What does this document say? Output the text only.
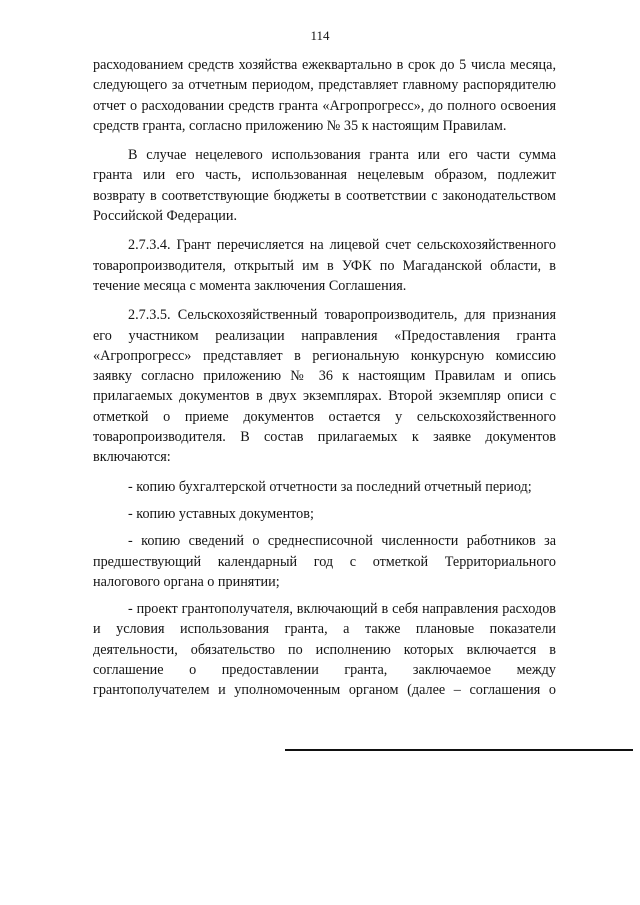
114

расходованием средств хозяйства ежеквартально в срок до 5 числа месяца, следующего за отчетным периодом, представляет главному распорядителю отчет о расходовании средств гранта «Агропрогресс», до полного освоения средств гранта, согласно приложению № 35 к настоящим Правилам.

В случае нецелевого использования гранта или его части сумма гранта или его часть, использованная нецелевым образом, подлежит возврату в соответствующие бюджеты в соответствии с законодательством Российской Федерации.

2.7.3.4. Грант перечисляется на лицевой счет сельскохозяйственного товаропроизводителя, открытый им в УФК по Магаданской области, в течение месяца с момента заключения Соглашения.

2.7.3.5. Сельскохозяйственный товаропроизводитель, для признания его участником реализации направления «Предоставления гранта «Агропрогресс» представляет в региональную конкурсную комиссию заявку согласно приложению № 36 к настоящим Правилам и опись прилагаемых документов в двух экземплярах. Второй экземпляр описи с отметкой о приеме документов остается у сельскохозяйственного товаропроизводителя. В состав прилагаемых к заявке документов включаются:

- копию бухгалтерской отчетности за последний отчетный период;

- копию уставных документов;

- копию сведений о среднесписочной численности работников за предшествующий календарный год с отметкой Территориального налогового органа о принятии;

- проект грантополучателя, включающий в себя направления расходов и условия использования гранта, а также плановые показатели деятельности, обязательство по исполнению которых включается в соглашение о предоставлении гранта, заключаемое между грантополучателем и уполномоченным органом (далее – соглашения о
